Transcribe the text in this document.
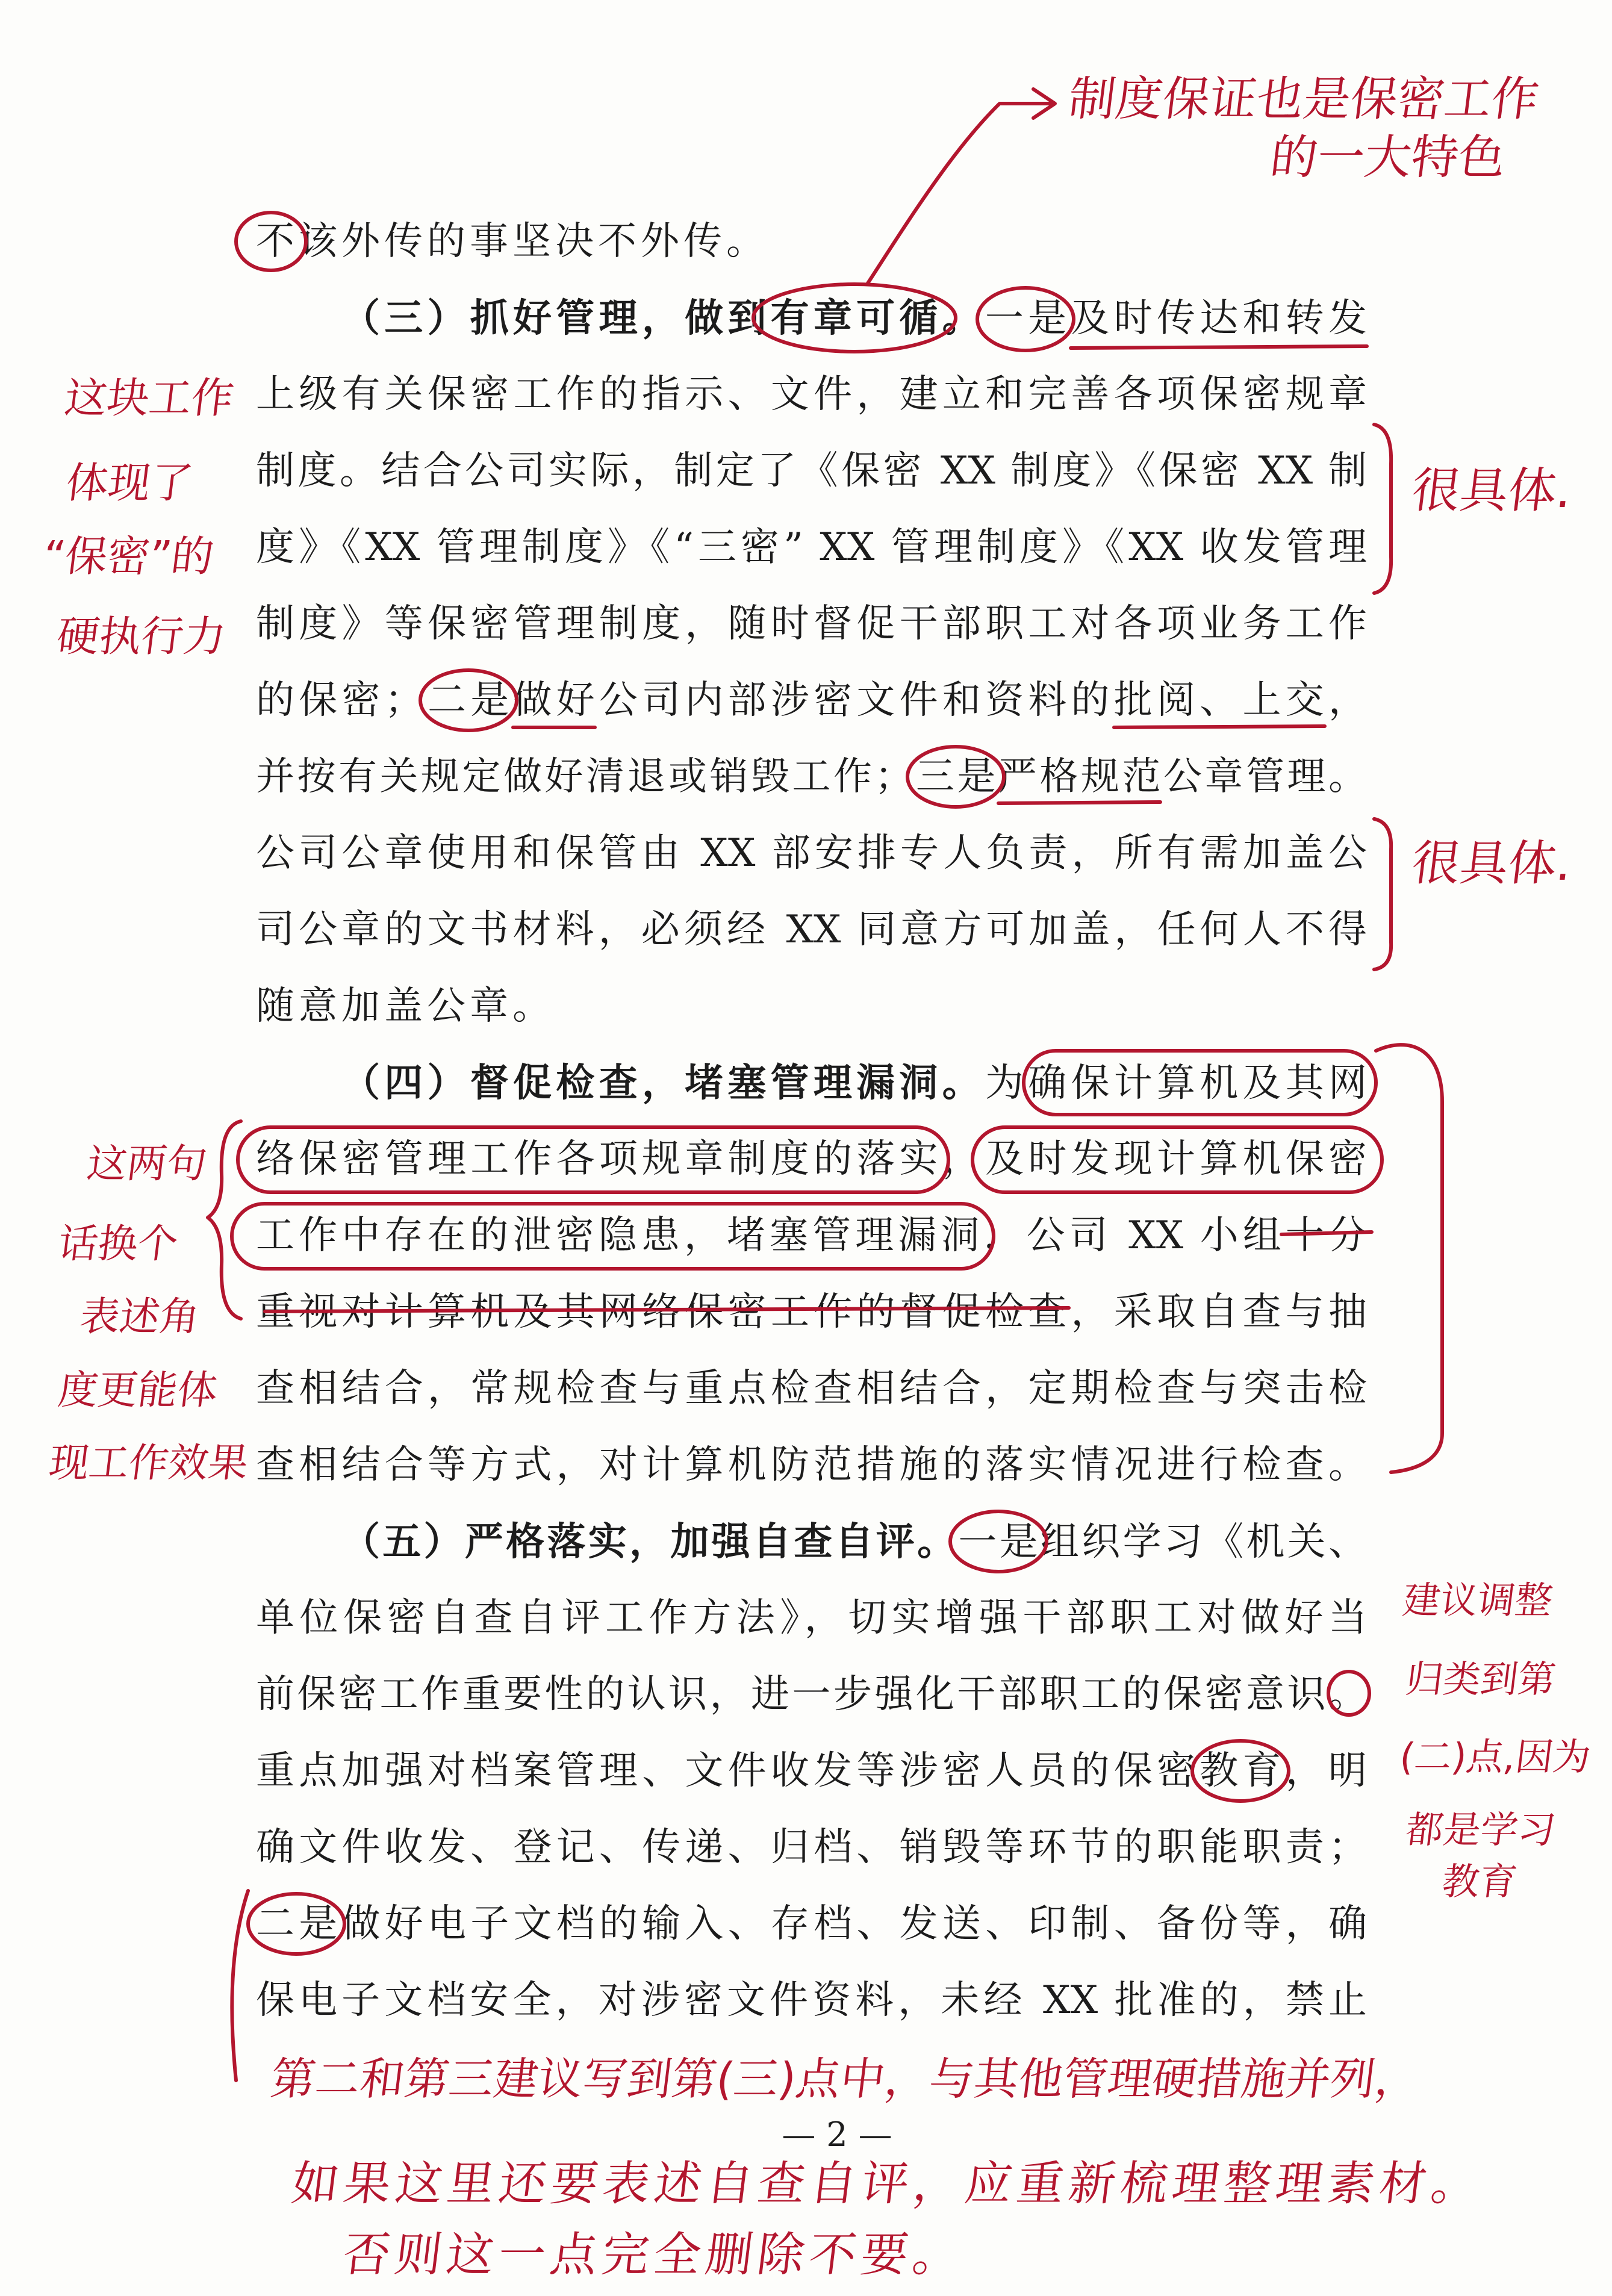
不该外传的事坚决不外传。
（三）抓好管理，做到有章可循。一是及时传达和转发
上级有关保密工作的指示、文件，建立和完善各项保密规章
制度。结合公司实际，制定了《保密 XX 制度》《保密 XX 制
度》《XX 管理制度》《“三密” XX 管理制度》《XX 收发管理
制度》等保密管理制度，随时督促干部职工对各项业务工作
的保密；二是做好公司内部涉密文件和资料的批阅、上交，
并按有关规定做好清退或销毁工作；三是严格规范公章管理。
公司公章使用和保管由 XX 部安排专人负责，所有需加盖公
司公章的文书材料，必须经 XX 同意方可加盖，任何人不得
随意加盖公章。
（四）督促检查，堵塞管理漏洞。为确保计算机及其网
络保密管理工作各项规章制度的落实，及时发现计算机保密
工作中存在的泄密隐患，堵塞管理漏洞，公司 XX 小组十分
重视对计算机及其网络保密工作的督促检查，采取自查与抽
查相结合，常规检查与重点检查相结合，定期检查与突击检
查相结合等方式，对计算机防范措施的落实情况进行检查。
（五）严格落实，加强自查自评。一是组织学习《机关、
单位保密自查自评工作方法》，切实增强干部职工对做好当
前保密工作重要性的认识，进一步强化干部职工的保密意识。
重点加强对档案管理、文件收发等涉密人员的保密教育，明
确文件收发、登记、传递、归档、销毁等环节的职能职责；
二是做好电子文档的输入、存档、发送、印制、备份等，确
保电子文档安全，对涉密文件资料，未经 XX 批准的，禁止
— 2 —
制度保证也是保密工作
的一大特色
这块工作
体现了
“保密”的
硬执行力
很具体.
很具体.
这两句
话换个
表述角
度更能体
现工作效果
建议调整
归类到第
(二)点,因为
都是学习
教育
第二和第三建议写到第(三)点中，与其他管理硬措施并列，
如果这里还要表述自查自评，应重新梳理整理素材。
否则这一点完全删除不要。
